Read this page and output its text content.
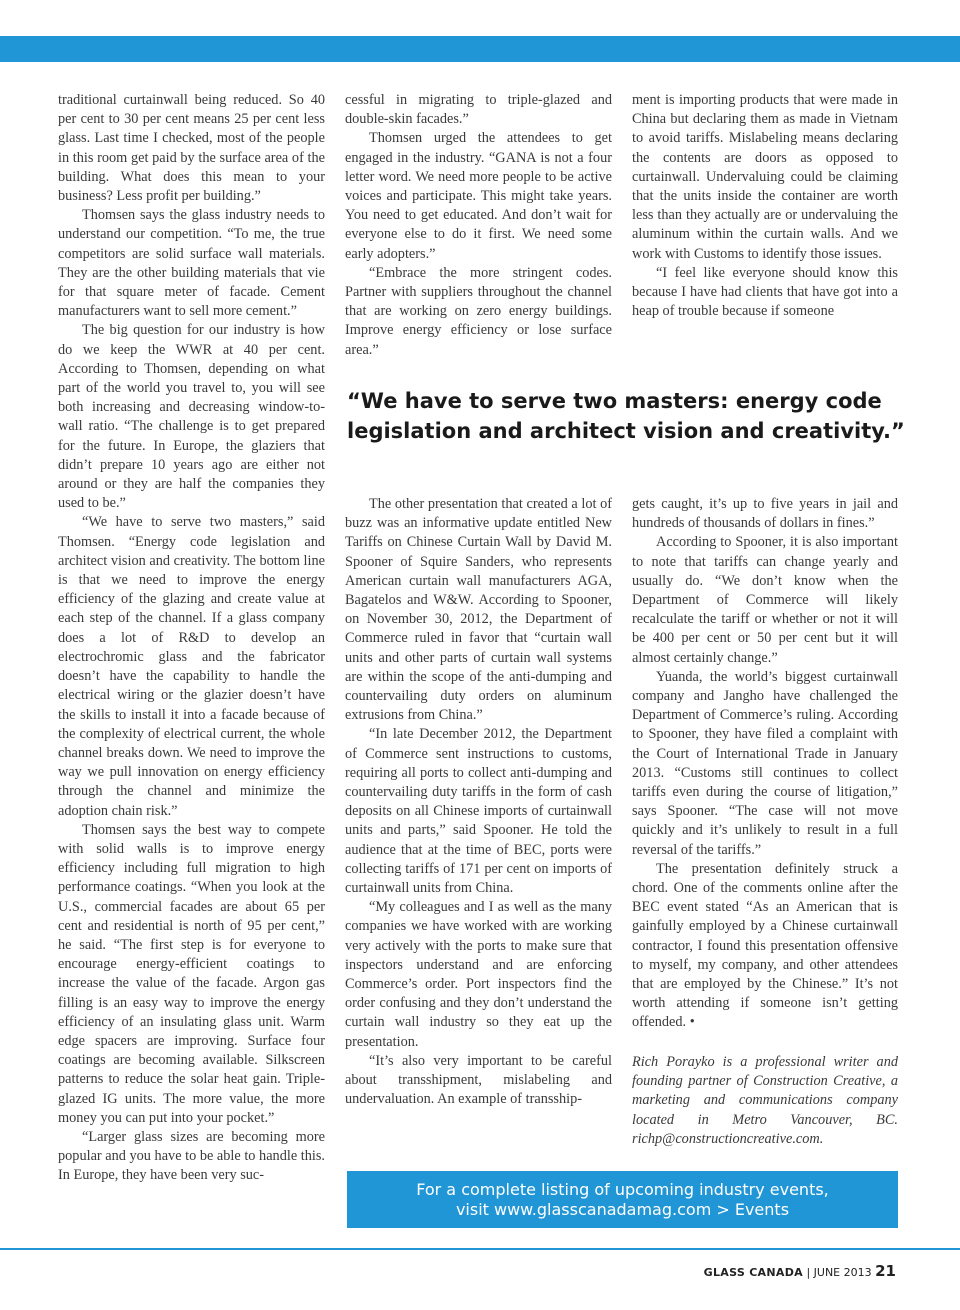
traditional curtainwall being reduced. So 40 per cent to 30 per cent means 25 per cent less glass. Last time I checked, most of the people in this room get paid by the surface area of the building. What does this mean to your business? Less profit per building.”

Thomsen says the glass industry needs to understand our competition. “To me, the true competitors are solid surface wall materials. They are the other building materials that vie for that square meter of facade. Cement manufacturers want to sell more cement.”

The big question for our industry is how do we keep the WWR at 40 per cent. According to Thomsen, depending on what part of the world you travel to, you will see both increasing and decreasing window-to-wall ratio. “The challenge is to get prepared for the future. In Europe, the glaziers that didn’t prepare 10 years ago are either not around or they are half the companies they used to be.”

“We have to serve two masters,” said Thomsen. “Energy code legislation and architect vision and creativity. The bottom line is that we need to improve the energy efficiency of the glazing and create value at each step of the channel. If a glass company does a lot of R&D to develop an electrochromic glass and the fabricator doesn’t have the capability to handle the electrical wiring or the glazier doesn’t have the skills to install it into a facade because of the complexity of electrical current, the whole channel breaks down. We need to improve the way we pull innovation on energy efficiency through the channel and minimize the adoption chain risk.”

Thomsen says the best way to compete with solid walls is to improve energy efficiency including full migration to high performance coatings. “When you look at the U.S., commercial facades are about 65 per cent and residential is north of 95 per cent,” he said. “The first step is for everyone to encourage energy-efficient coatings to increase the value of the facade. Argon gas filling is an easy way to improve the energy efficiency of an insulating glass unit. Warm edge spacers are improving. Surface four coatings are becoming available. Silkscreen patterns to reduce the solar heat gain. Triple-glazed IG units. The more value, the more money you can put into your pocket.”

“Larger glass sizes are becoming more popular and you have to be able to handle this. In Europe, they have been very suc-

cessful in migrating to triple-glazed and double-skin facades.”

Thomsen urged the attendees to get engaged in the industry. “GANA is not a four letter word. We need more people to be active voices and participate. This might take years. You need to get educated. And don’t wait for everyone else to do it first. We need some early adopters.”

“Embrace the more stringent codes. Partner with suppliers throughout the channel that are working on zero energy buildings. Improve energy efficiency or lose surface area.”

ment is importing products that were made in China but declaring them as made in Vietnam to avoid tariffs. Mislabeling means declaring the contents are doors as opposed to curtainwall. Undervaluing could be claiming that the units inside the container are worth less than they actually are or undervaluing the aluminum within the curtain walls. And we work with Customs to identify those issues.

“I feel like everyone should know this because I have had clients that have got into a heap of trouble because if someone

“We have to serve two masters: energy code legislation and architect vision and creativity.”

The other presentation that created a lot of buzz was an informative update entitled New Tariffs on Chinese Curtain Wall by David M. Spooner of Squire Sanders, who represents American curtain wall manufacturers AGA, Bagatelos and W&W. According to Spooner, on November 30, 2012, the Department of Commerce ruled in favor that “curtain wall units and other parts of curtain wall systems are within the scope of the anti-dumping and countervailing duty orders on aluminum extrusions from China.”

“In late December 2012, the Department of Commerce sent instructions to customs, requiring all ports to collect anti-dumping and countervailing duty tariffs in the form of cash deposits on all Chinese imports of curtainwall units and parts,” said Spooner. He told the audience that at the time of BEC, ports were collecting tariffs of 171 per cent on imports of curtainwall units from China.

“My colleagues and I as well as the many companies we have worked with are working very actively with the ports to make sure that inspectors understand and are enforcing Commerce’s order. Port inspectors find the order confusing and they don’t understand the curtain wall industry so they eat up the presentation.

“It’s also very important to be careful about transshipment, mislabeling and undervaluation. An example of transship-

gets caught, it’s up to five years in jail and hundreds of thousands of dollars in fines.”

According to Spooner, it is also important to note that tariffs can change yearly and usually do. “We don’t know when the Department of Commerce will likely recalculate the tariff or whether or not it will be 400 per cent or 50 per cent but it will almost certainly change.”

Yuanda, the world’s biggest curtainwall company and Jangho have challenged the Department of Commerce’s ruling. According to Spooner, they have filed a complaint with the Court of International Trade in January 2013. “Customs still continues to collect tariffs even during the course of litigation,” says Spooner. “The case will not move quickly and it’s unlikely to result in a full reversal of the tariffs.”

The presentation definitely struck a chord. One of the comments online after the BEC event stated “As an American that is gainfully employed by a Chinese curtainwall contractor, I found this presentation offensive to myself, my company, and other attendees that are employed by the Chinese.” It’s not worth attending if someone isn’t getting offended. •

Rich Porayko is a professional writer and founding partner of Construction Creative, a marketing and communications company located in Metro Vancouver, BC. richp@constructioncreative.com.

For a complete listing of upcoming industry events,
visit www.glasscanadamag.com > Events
GLASS CANADA | JUNE 2013 21
